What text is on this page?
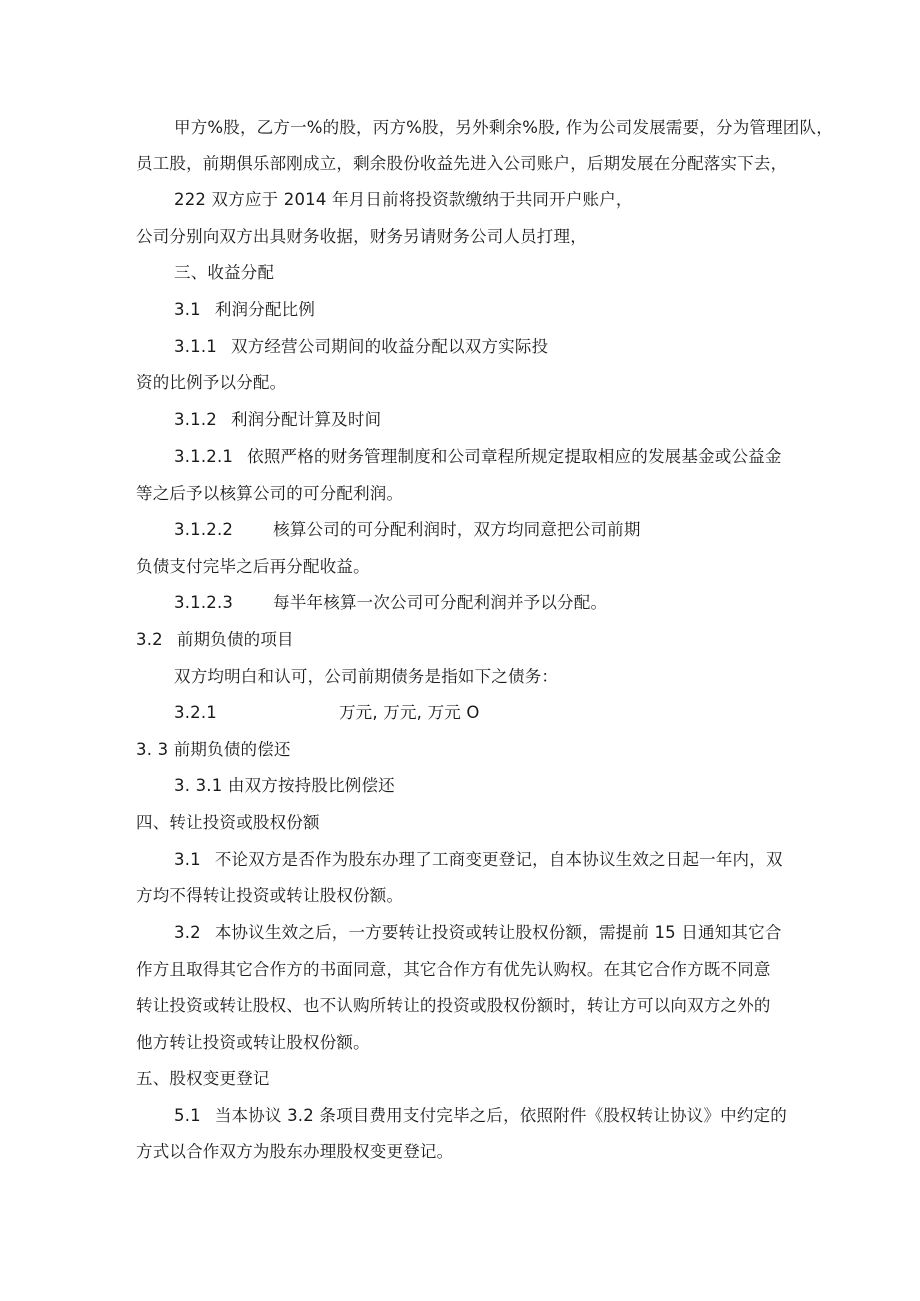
甲方%股，乙方一%的股，丙方%股，另外剩余%股, 作为公司发展需要，分为管理团队，
员工股，前期俱乐部刚成立，剩余股份收益先进入公司账户，后期发展在分配落实下去，
222 双方应于 2014 年月日前将投资款缴纳于共同开户账户，
公司分别向双方出具财务收据，财务另请财务公司人员打理，
三、收益分配
3.1 利润分配比例
3.1.1 双方经营公司期间的收益分配以双方实际投
资的比例予以分配。
3.1.2 利润分配计算及时间
3.1.2.1 依照严格的财务管理制度和公司章程所规定提取相应的发展基金或公益金
等之后予以核算公司的可分配利润。
3.1.2.2 核算公司的可分配利润时，双方均同意把公司前期
负债支付完毕之后再分配收益。
3.1.2.3 每半年核算一次公司可分配利润并予以分配。
3.2 前期负债的项目
双方均明白和认可，公司前期债务是指如下之债务：
3.2.1	万元, 万元, 万元 O
3. 3 前期负债的偿还
3. 3.1 由双方按持股比例偿还
四、转让投资或股权份额
3.1 不论双方是否作为股东办理了工商变更登记，自本协议生效之日起一年内，双
方均不得转让投资或转让股权份额。
3.2 本协议生效之后，一方要转让投资或转让股权份额，需提前 15 日通知其它合
作方且取得其它合作方的书面同意，其它合作方有优先认购权。在其它合作方既不同意
转让投资或转让股权、也不认购所转让的投资或股权份额时，转让方可以向双方之外的
他方转让投资或转让股权份额。
五、股权变更登记
5.1 当本协议 3.2 条项目费用支付完毕之后，依照附件《股权转让协议》中约定的
方式以合作双方为股东办理股权变更登记。
